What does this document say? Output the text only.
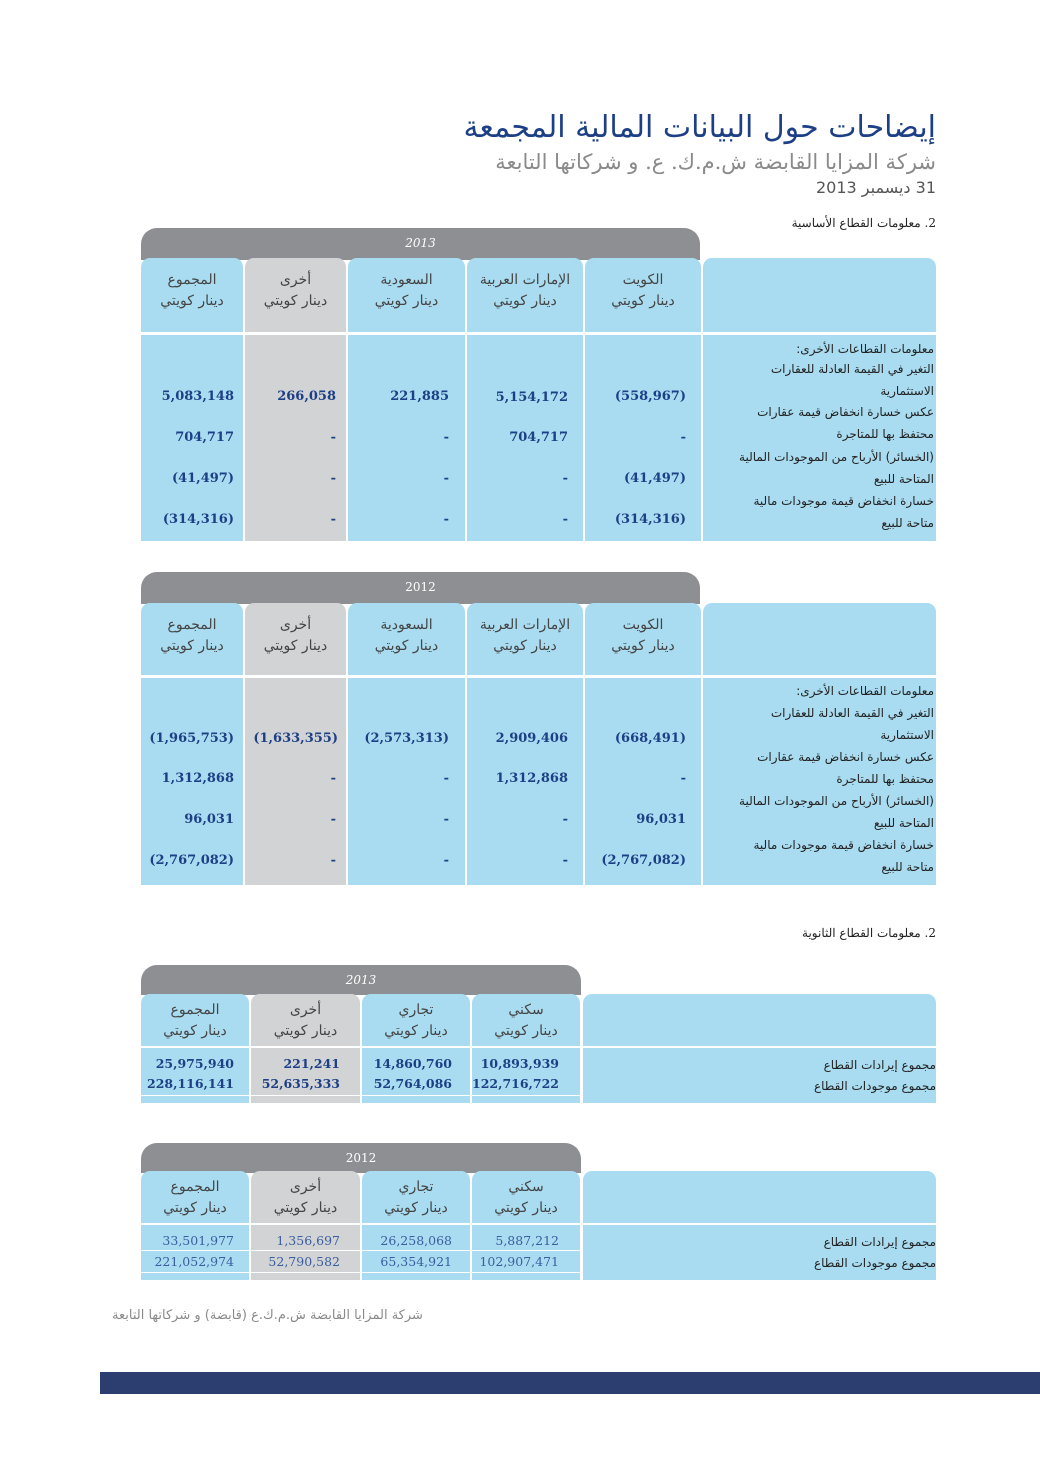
إيضاحات حول البيانات المالية المجمعة
شركة المزايا القابضة ش.م.ك. ع. و شركاتها التابعة
31 ديسمبر 2013
2. معلومات القطاع الأساسية
2013
الكويت
دينار كويتي
الإمارات العربية
دينار كويتي
السعودية
دينار كويتي
أخرى
دينار كويتي
المجموع
دينار كويتي
معلومات القطاعات الأخرى:
التغير في القيمة العادلة للعقارات
الاستثمارية
عكس خسارة انخفاض قيمة عقارات
محتفظ بها للمتاجرة
(الخسائر) الأرباح من الموجودات المالية
المتاحة للبيع
خسارة انخفاض قيمة موجودات مالية
متاحة للبيع
(558,967)
5,154,172
221,885
266,058
5,083,148
-
704,717
-
-
704,717
(41,497)
-
-
-
(41,497)
(314,316)
-
-
-
(314,316)
2012
الكويت
دينار كويتي
الإمارات العربية
دينار كويتي
السعودية
دينار كويتي
أخرى
دينار كويتي
المجموع
دينار كويتي
معلومات القطاعات الأخرى:
التغير في القيمة العادلة للعقارات
الاستثمارية
عكس خسارة انخفاض قيمة عقارات
محتفظ بها للمتاجرة
(الخسائر) الأرباح من الموجودات المالية
المتاحة للبيع
خسارة انخفاض قيمة موجودات مالية
متاحة للبيع
(668,491)
2,909,406
(2,573,313)
(1,633,355)
(1,965,753)
-
1,312,868
-
-
1,312,868
96,031
-
-
-
96,031
(2,767,082)
-
-
-
(2,767,082)
2. معلومات القطاع الثانوية
2013
سكني
دينار كويتي
تجاري
دينار كويتي
أخرى
دينار كويتي
المجموع
دينار كويتي
مجموع إيرادات القطاع
مجموع موجودات القطاع
10,893,939
14,860,760
221,241
25,975,940
122,716,722
52,764,086
52,635,333
228,116,141
2012
سكني
دينار كويتي
تجاري
دينار كويتي
أخرى
دينار كويتي
المجموع
دينار كويتي
مجموع إيرادات القطاع
مجموع موجودات القطاع
5,887,212
26,258,068
1,356,697
33,501,977
102,907,471
65,354,921
52,790,582
221,052,974
شركة المزايا القابضة ش.م.ك.ع (قابضة) و شركاتها التابعة
